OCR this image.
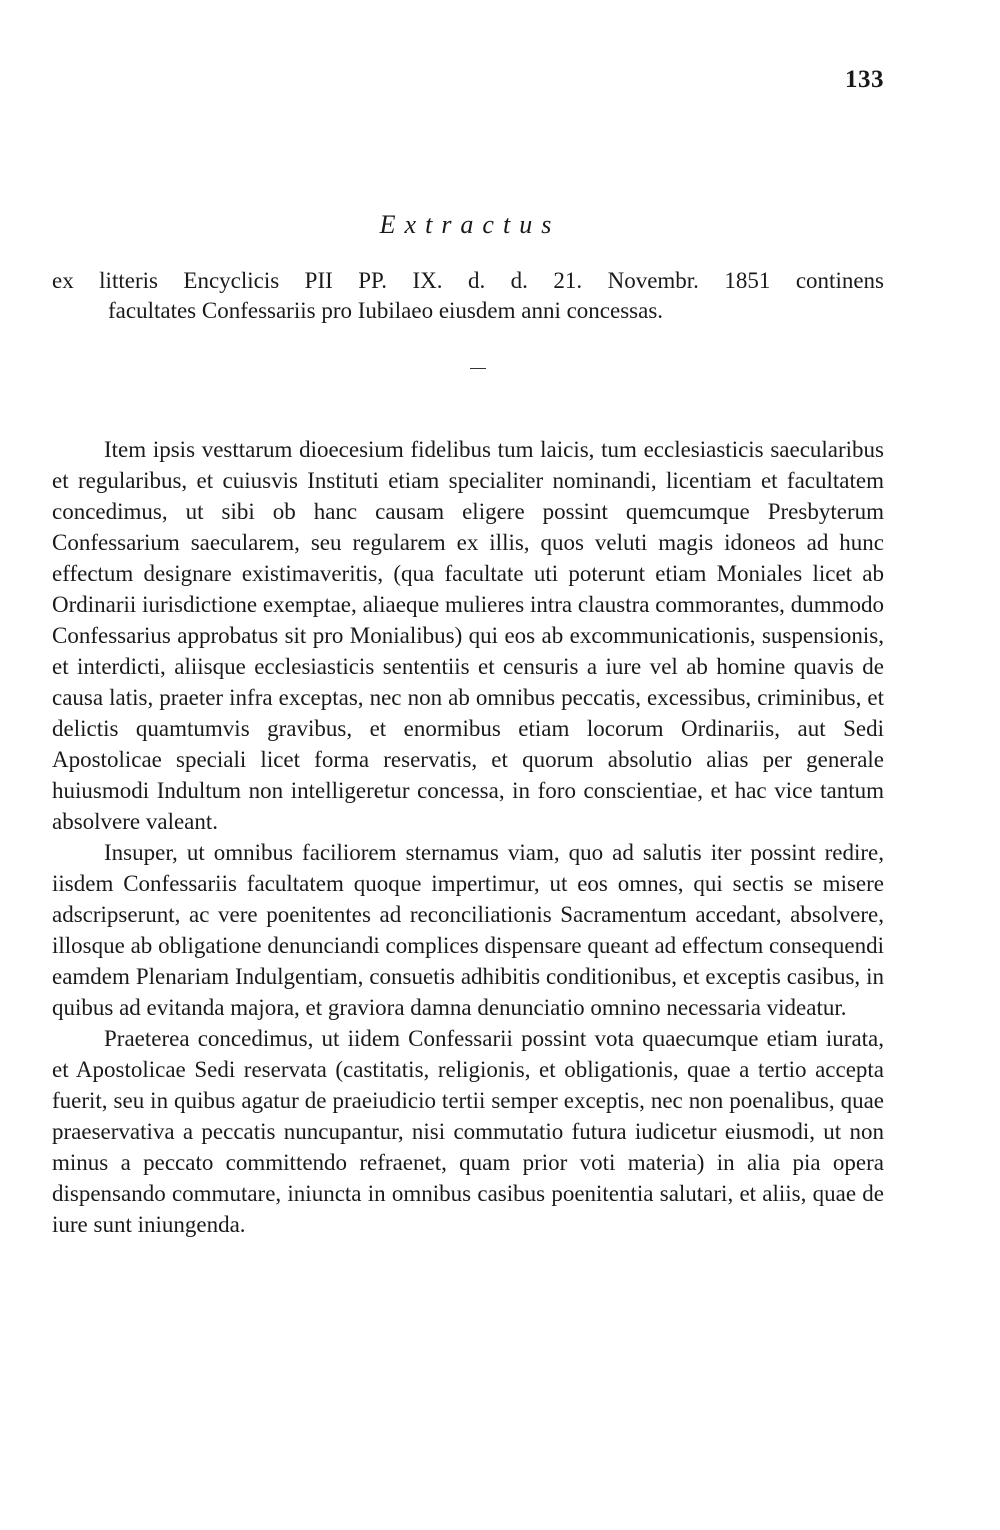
133
Extractus
ex litteris Encyclicis PII PP. IX. d. d. 21. Novembr. 1851 continens
facultates Confessariis pro Iubilaeo eiusdem anni concessas.

Item ipsis vesttarum dioecesium fidelibus tum laicis, tum ecclesiasticis saecularibus et regularibus, et cuiusvis Instituti etiam specialiter nominandi, licentiam et facultatem concedimus, ut sibi ob hanc causam eligere possint quemcumque Presbyterum Confessarium saecularem, seu regularem ex illis, quos veluti magis idoneos ad hunc effectum designare existimaveritis, (qua facultate uti poterunt etiam Moniales licet ab Ordinarii iurisdictione exemptae, aliaeque mulieres intra claustra commorantes, dummodo Confessarius approbatus sit pro Monialibus) qui eos ab excommunicationis, suspensionis, et interdicti, aliisque ecclesiasticis sententiis et censuris a iure vel ab homine quavis de causa latis, praeter infra exceptas, nec non ab omnibus peccatis, excessibus, criminibus, et delictis quamtumvis gravibus, et enormibus etiam locorum Ordinariis, aut Sedi Apostolicae speciali licet forma reservatis, et quorum absolutio alias per generale huiusmodi Indultum non intelligeretur concessa, in foro conscientiae, et hac vice tantum absolvere valeant.

Insuper, ut omnibus faciliorem sternamus viam, quo ad salutis iter possint redire, iisdem Confessariis facultatem quoque impertimur, ut eos omnes, qui sectis se misere adscripserunt, ac vere poenitentes ad reconciliationis Sacramentum accedant, absolvere, illosque ab obligatione denunciandi complices dispensare queant ad effectum consequendi eamdem Plenariam Indulgentiam, consuetis adhibitis conditionibus, et exceptis casibus, in quibus ad evitanda majora, et graviora damna denunciatio omnino necessaria videatur.

Praeterea concedimus, ut iidem Confessarii possint vota quaecumque etiam iurata, et Apostolicae Sedi reservata (castitatis, religionis, et obligationis, quae a tertio accepta fuerit, seu in quibus agatur de praeiudicio tertii semper exceptis, nec non poenalibus, quae praeservativa a peccatis nuncupantur, nisi commutatio futura iudicetur eiusmodi, ut non minus a peccato committendo refraenet, quam prior voti materia) in alia pia opera dispensando commutare, iniuncta in omnibus casibus poenitentia salutari, et aliis, quae de iure sunt iniungenda.
